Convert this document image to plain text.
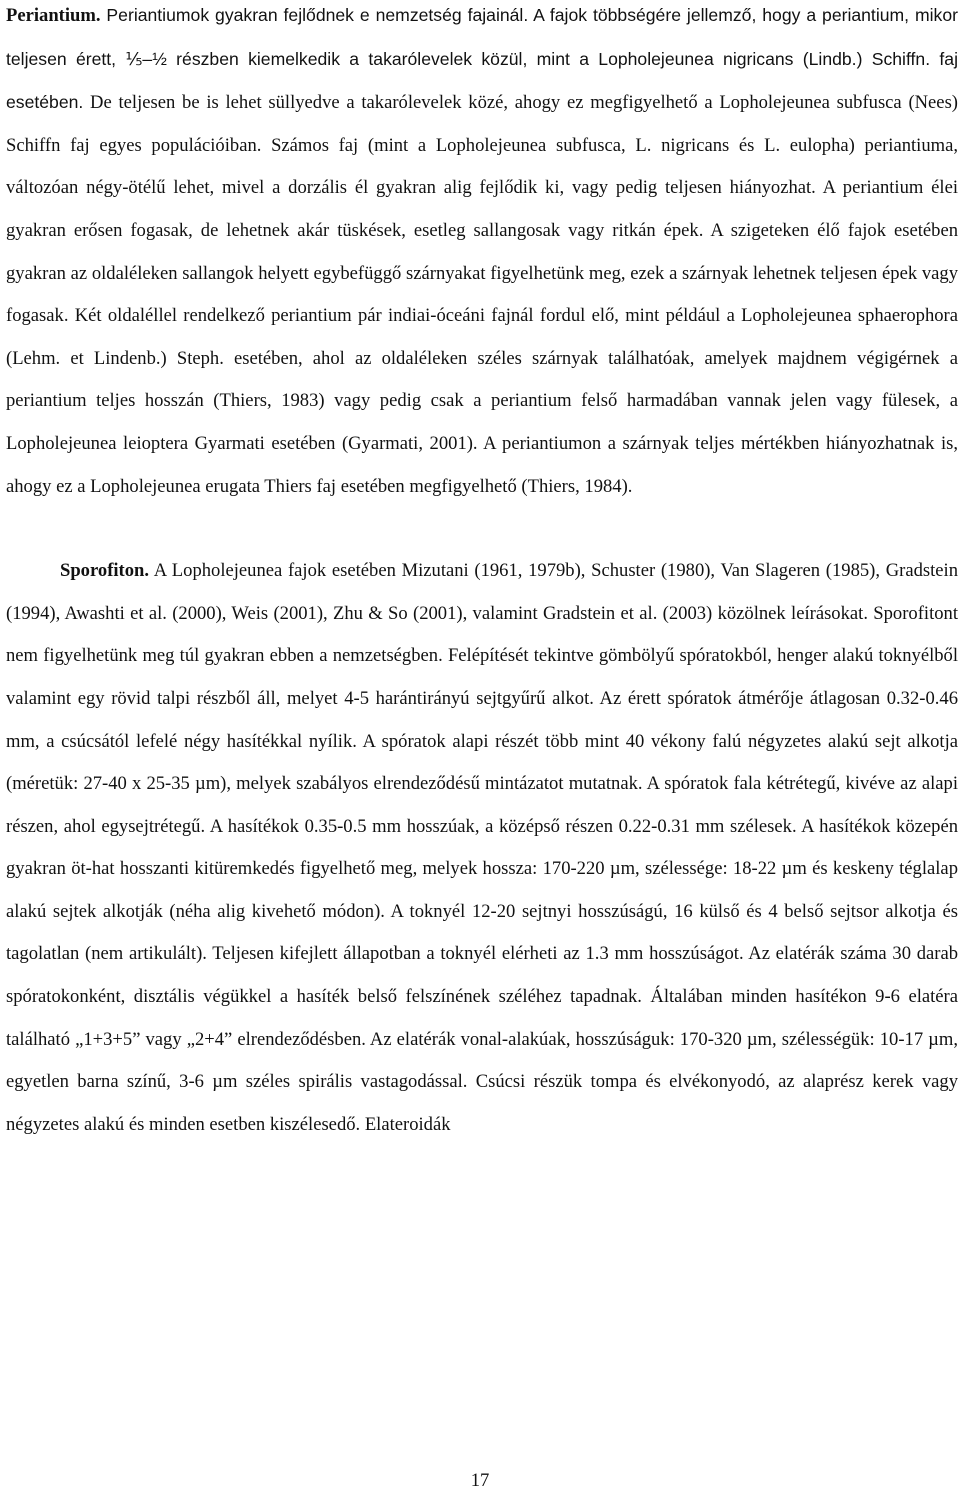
Periantium. Periantiumok gyakran fejlődnek e nemzetség fajainál. A fajok többségére jellemző, hogy a periantium, mikor teljesen érett, ⅕–½ részben kiemelkedik a takarólevelek közül, mint a Lopholejeunea nigricans (Lindb.) Schiffn. faj esetében. De teljesen be is lehet süllyedve a takarólevelek közé, ahogy ez megfigyelhető a Lopholejeunea subfusca (Nees) Schiffn faj egyes populációiban. Számos faj (mint a Lopholejeunea subfusca, L. nigricans és L. eulopha) periantiuma, változóan négy-ötélű lehet, mivel a dorzális él gyakran alig fejlődik ki, vagy pedig teljesen hiányozhat. A periantium élei gyakran erősen fogasak, de lehetnek akár tüskések, esetleg sallangosak vagy ritkán épek. A szigeteken élő fajok esetében gyakran az oldaléleken sallangok helyett egybefüggő szárnyakat figyelhetünk meg, ezek a szárnyak lehetnek teljesen épek vagy fogasak. Két oldaléllel rendelkező periantium pár indiai-óceáni fajnál fordul elő, mint például a Lopholejeunea sphaerophora (Lehm. et Lindenb.) Steph. esetében, ahol az oldaléleken széles szárnyak találhatóak, amelyek majdnem végigérnek a periantium teljes hosszán (Thiers, 1983) vagy pedig csak a periantium felső harmadában vannak jelen vagy fülesek, a Lopholejeunea leioptera Gyarmati esetében (Gyarmati, 2001). A periantiumon a szárnyak teljes mértékben hiányozhatnak is, ahogy ez a Lopholejeunea erugata Thiers faj esetében megfigyelhető (Thiers, 1984).

Sporofiton. A Lopholejeunea fajok esetében Mizutani (1961, 1979b), Schuster (1980), Van Slageren (1985), Gradstein (1994), Awashti et al. (2000), Weis (2001), Zhu & So (2001), valamint Gradstein et al. (2003) közölnek leírásokat. Sporofitont nem figyelhetünk meg túl gyakran ebben a nemzetségben. Felépítését tekintve gömbölyű spóratokból, henger alakú toknyélből valamint egy rövid talpi részből áll, melyet 4-5 harántirányú sejtgyűrű alkot. Az érett spóratok átmérője átlagosan 0.32-0.46 mm, a csúcsától lefelé négy hasítékkal nyílik. A spóratok alapi részét több mint 40 vékony falú négyzetes alakú sejt alkotja (méretük: 27-40 x 25-35 µm), melyek szabályos elrendeződésű mintázatot mutatnak. A spóratok fala kétrétegű, kivéve az alapi részen, ahol egysejtrétegű. A hasítékok 0.35-0.5 mm hosszúak, a középső részen 0.22-0.31 mm szélesek. A hasítékok közepén gyakran öt-hat hosszanti kitüremkedés figyelhető meg, melyek hossza: 170-220 µm, szélessége: 18-22 µm és keskeny téglalap alakú sejtek alkotják (néha alig kivehető módon). A toknyél 12-20 sejtnyi hosszúságú, 16 külső és 4 belső sejtsor alkotja és tagolatlan (nem artikulált). Teljesen kifejlett állapotban a toknyél elérheti az 1.3 mm hosszúságot. Az elatérák száma 30 darab spóratokonként, disztális végükkel a hasíték belső felszínének széléhez tapadnak. Általában minden hasítékon 9-6 elatéra található „1+3+5” vagy „2+4” elrendeződésben. Az elatérák vonal-alakúak, hosszúságuk: 170-320 µm, szélességük: 10-17 µm, egyetlen barna színű, 3-6 µm széles spirális vastagodással. Csúcsi részük tompa és elvékonyodó, az alaprész kerek vagy négyzetes alakú és minden esetben kiszélesedő. Elateroidák

17
